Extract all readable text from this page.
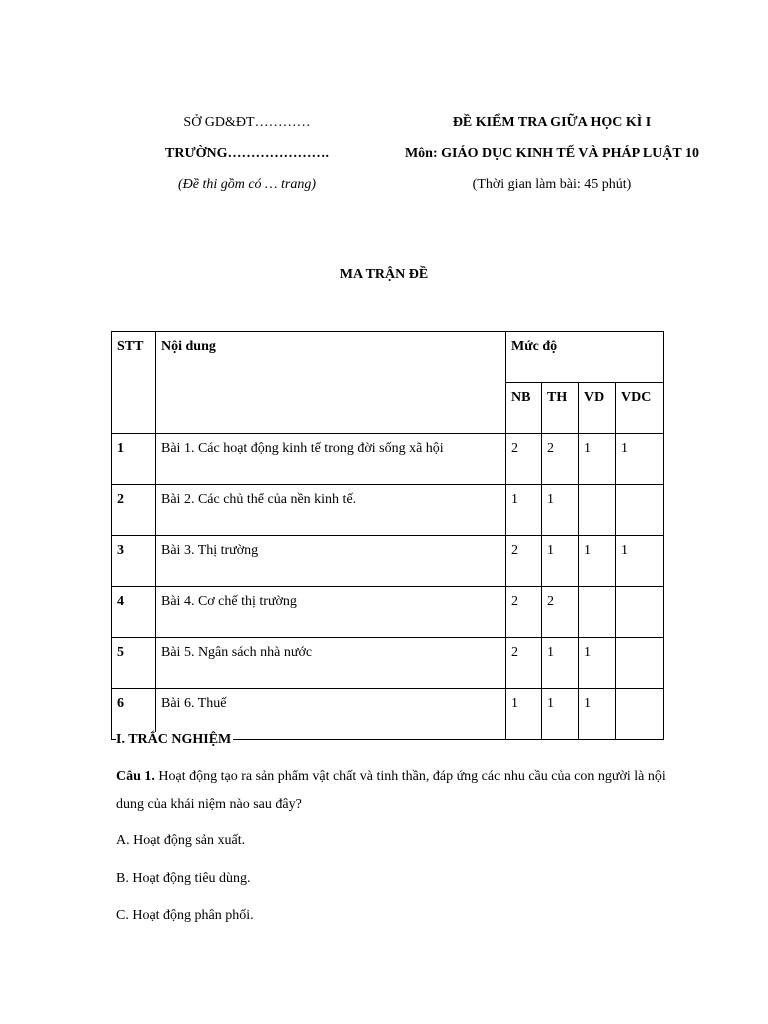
SỞ GD&ĐT…………
TRƯỜNG………………….
(Đề thi gồm có … trang)
ĐỀ KIỂM TRA GIỮA HỌC KÌ I
Môn: GIÁO DỤC KINH TẾ VÀ PHÁP LUẬT 10
(Thời gian làm bài: 45 phút)
MA TRẬN ĐỀ
STT	Nội dung	Mức độ			
		NB	TH	VD	VDC
1	Bài 1. Các hoạt động kinh tế trong đời sống xã hội	2	2	1	1
2	Bài 2. Các chủ thể của nền kinh tế.	1	1		
3	Bài 3. Thị trường	2	1	1	1
4	Bài 4. Cơ chế thị trường	2	2		
5	Bài 5. Ngân sách nhà nước	2	1	1	
6	Bài 6. Thuế	1	1	1	
I. TRẮC NGHIỆM
Câu 1. Hoạt động tạo ra sản phẩm vật chất và tinh thần, đáp ứng các nhu cầu của con người là nội dung của khái niệm nào sau đây?
A. Hoạt động sản xuất.
B. Hoạt động tiêu dùng.
C. Hoạt động phân phối.
